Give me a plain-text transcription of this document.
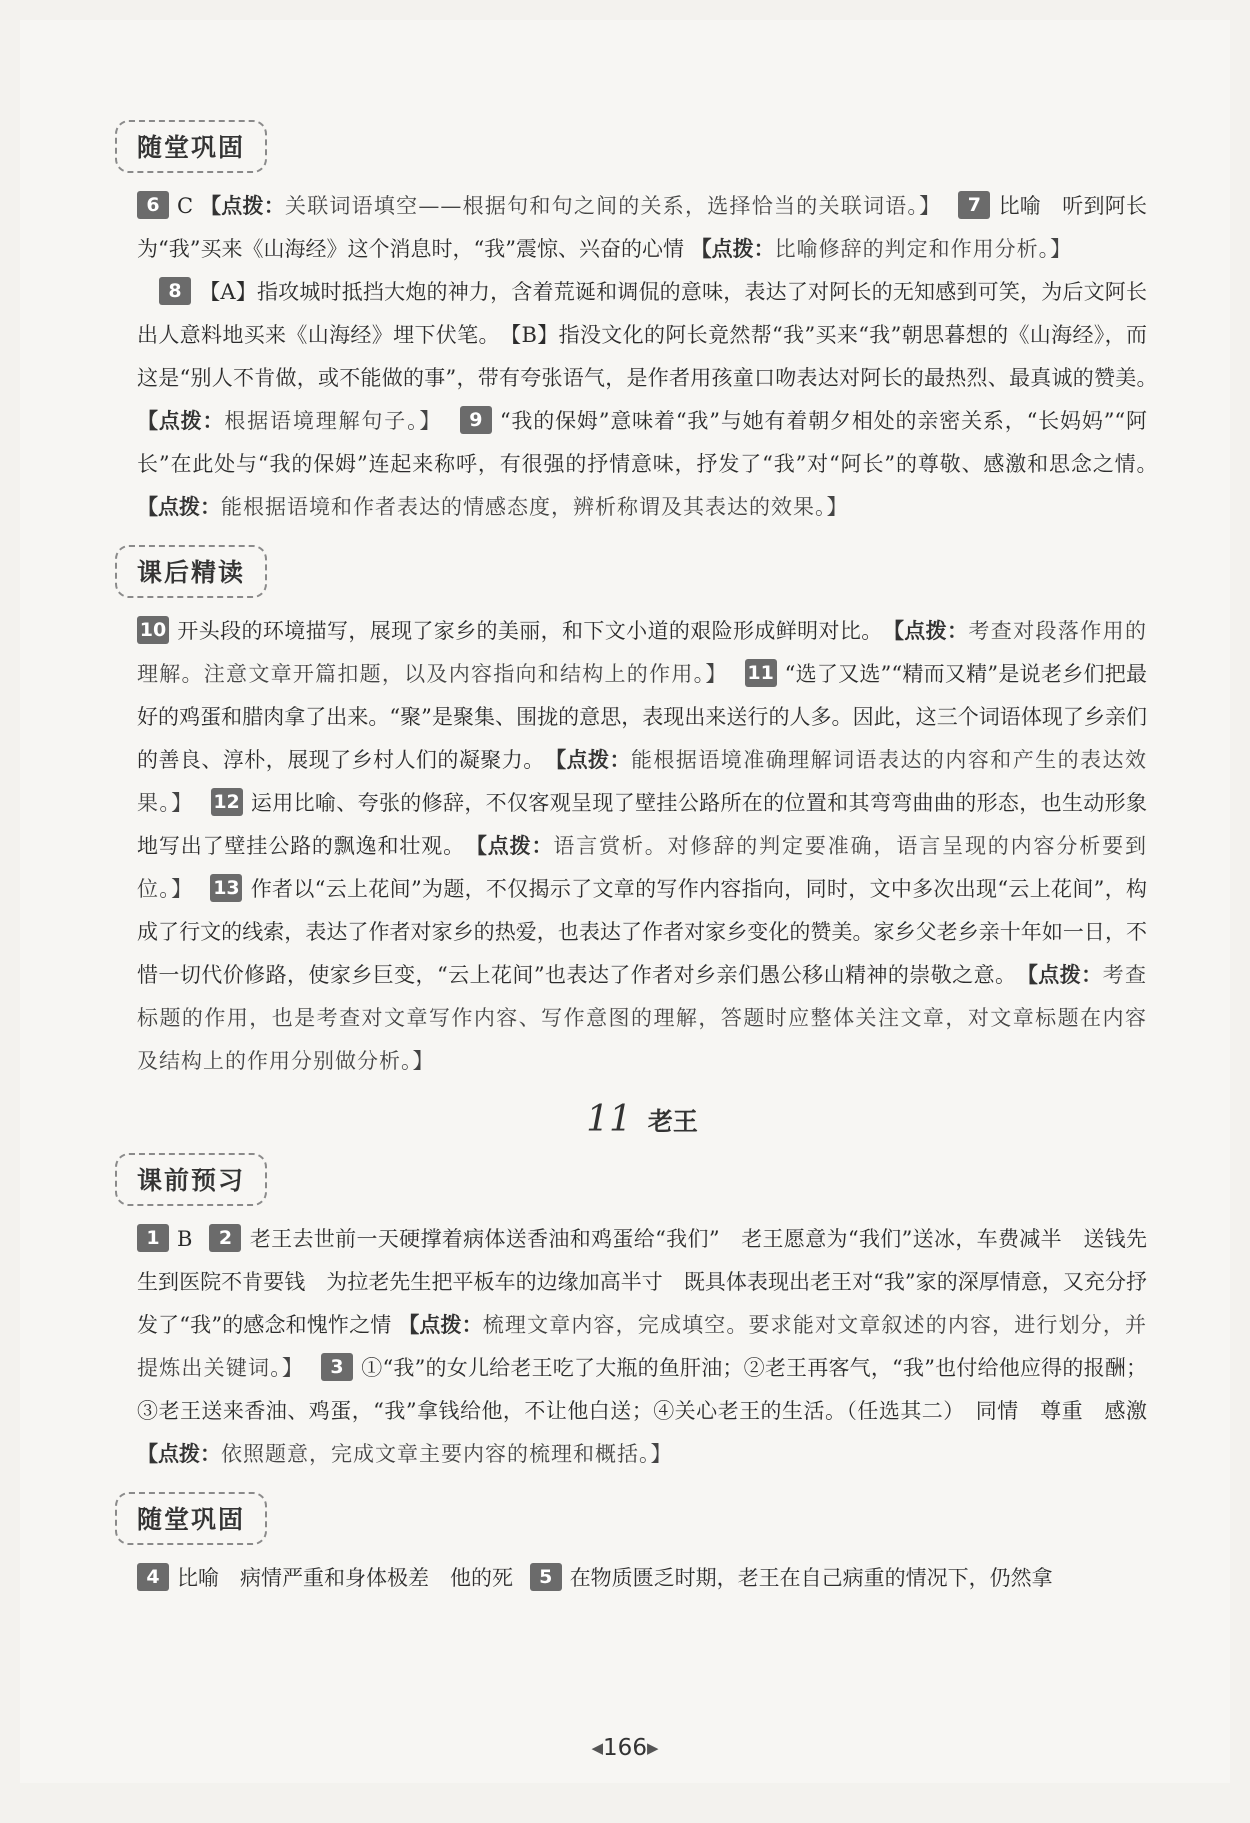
随堂巩固

6 C 【点拨：关联词语填空——根据句和句之间的关系，选择恰当的关联词语。】 7 比喻　听到阿长为“我”买来《山海经》这个消息时，“我”震惊、兴奋的心情 【点拨：比喻修辞的判定和作用分析。】

8 【A】指攻城时抵挡大炮的神力，含着荒诞和调侃的意味，表达了对阿长的无知感到可笑，为后文阿长出人意料地买来《山海经》埋下伏笔。　【B】指没文化的阿长竟然帮“我”买来“我”朝思暮想的《山海经》，而这是“别人不肯做，或不能做的事”，带有夸张语气，是作者用孩童口吻表达对阿长的最热烈、最真诚的赞美。　【点拨：根据语境理解句子。】 9 “我的保姆”意味着“我”与她有着朝夕相处的亲密关系，“长妈妈”“阿长”在此处与“我的保姆”连起来称呼，有很强的抒情意味，抒发了“我”对“阿长”的尊敬、感激和思念之情。　【点拨：能根据语境和作者表达的情感态度，辨析称谓及其表达的效果。】

课后精读

10 开头段的环境描写，展现了家乡的美丽，和下文小道的艰险形成鲜明对比。　【点拨：考查对段落作用的理解。注意文章开篇扣题，以及内容指向和结构上的作用。】 11 “选了又选”“精而又精”是说老乡们把最好的鸡蛋和腊肉拿了出来。“聚”是聚集、围拢的意思，表现出来送行的人多。因此，这三个词语体现了乡亲们的善良、淳朴，展现了乡村人们的凝聚力。　【点拨：能根据语境准确理解词语表达的内容和产生的表达效果。】 12 运用比喻、夸张的修辞，不仅客观呈现了壁挂公路所在的位置和其弯弯曲曲的形态，也生动形象地写出了壁挂公路的飘逸和壮观。　【点拨：语言赏析。对修辞的判定要准确，语言呈现的内容分析要到位。】 13 作者以“云上花间”为题，不仅揭示了文章的写作内容指向，同时，文中多次出现“云上花间”，构成了行文的线索，表达了作者对家乡的热爱，也表达了作者对家乡变化的赞美。家乡父老乡亲十年如一日，不惜一切代价修路，使家乡巨变，“云上花间”也表达了作者对乡亲们愚公移山精神的崇敬之意。　【点拨：考查标题的作用，也是考查对文章写作内容、写作意图的理解，答题时应整体关注文章，对文章标题在内容及结构上的作用分别做分析。】

11 老王
课前预习

1 B 2 老王去世前一天硬撑着病体送香油和鸡蛋给“我们”　老王愿意为“我们”送冰，车费减半　送钱先生到医院不肯要钱　为拉老先生把平板车的边缘加高半寸　既具体表现出老王对“我”家的深厚情意，又充分抒发了“我”的感念和愧怍之情 【点拨：梳理文章内容，完成填空。要求能对文章叙述的内容，进行划分，并提炼出关键词。】 3 ①“我”的女儿给老王吃了大瓶的鱼肝油；②老王再客气，“我”也付给他应得的报酬；③老王送来香油、鸡蛋，“我”拿钱给他，不让他白送；④关心老王的生活。（任选其二）　同情　尊重　感激 【点拨：依照题意，完成文章主要内容的梳理和概括。】

随堂巩固

4 比喻　病情严重和身体极差　他的死 5 在物质匮乏时期，老王在自己病重的情况下，仍然拿

◀166▶
